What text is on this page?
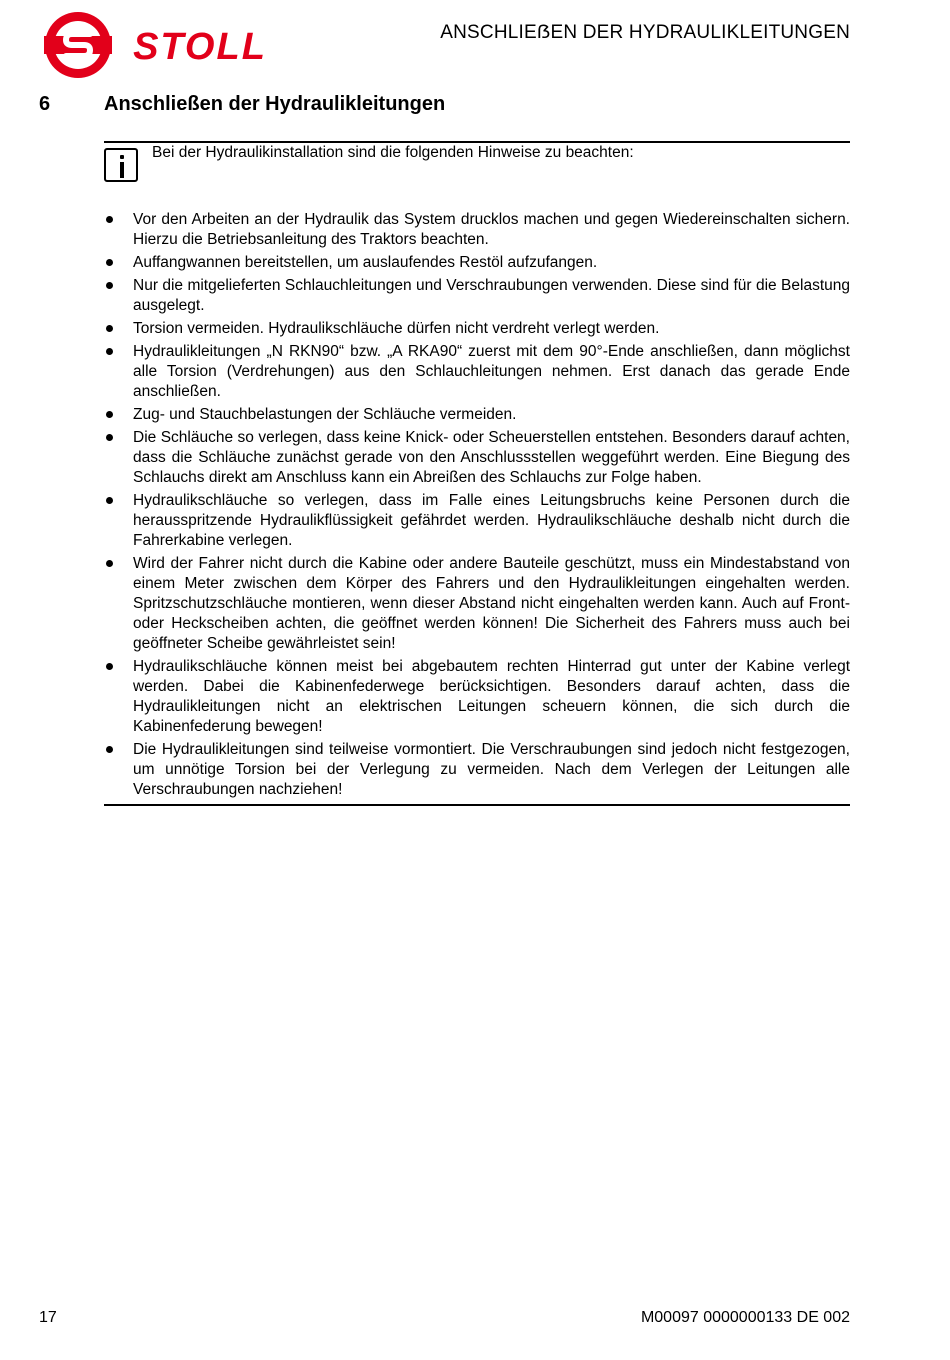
STOLL	ANSCHLIEẞEN DER HYDRAULIKLEITUNGEN
6	Anschließen der Hydraulikleitungen
Bei der Hydraulikinstallation sind die folgenden Hinweise zu beachten:
Vor den Arbeiten an der Hydraulik das System drucklos machen und gegen Wiedereinschalten sichern. Hierzu die Betriebsanleitung des Traktors beachten.
Auffangwannen bereitstellen, um auslaufendes Restöl aufzufangen.
Nur die mitgelieferten Schlauchleitungen und Verschraubungen verwenden. Diese sind für die Belastung ausgelegt.
Torsion vermeiden. Hydraulikschläuche dürfen nicht verdreht verlegt werden.
Hydraulikleitungen „N RKN90“ bzw. „A RKA90“ zuerst mit dem 90°-Ende anschließen, dann möglichst alle Torsion (Verdrehungen) aus den Schlauchleitungen nehmen. Erst danach das gerade Ende anschließen.
Zug- und Stauchbelastungen der Schläuche vermeiden.
Die Schläuche so verlegen, dass keine Knick- oder Scheuerstellen entstehen. Besonders darauf achten, dass die Schläuche zunächst gerade von den Anschlussstellen weggeführt werden. Eine Biegung des Schlauchs direkt am Anschluss kann ein Abreißen des Schlauchs zur Folge haben.
Hydraulikschläuche so verlegen, dass im Falle eines Leitungsbruchs keine Personen durch die herausspritzende Hydraulikflüssigkeit gefährdet werden. Hydraulikschläuche deshalb nicht durch die Fahrerkabine verlegen.
Wird der Fahrer nicht durch die Kabine oder andere Bauteile geschützt, muss ein Mindestabstand von einem Meter zwischen dem Körper des Fahrers und den Hydraulikleitungen eingehalten werden. Spritzschutzschläuche montieren, wenn dieser Abstand nicht eingehalten werden kann. Auch auf Front- oder Heckscheiben achten, die geöffnet werden können! Die Sicherheit des Fahrers muss auch bei geöffneter Scheibe gewährleistet sein!
Hydraulikschläuche können meist bei abgebautem rechten Hinterrad gut unter der Kabine verlegt werden. Dabei die Kabinenfederwege berücksichtigen. Besonders darauf achten, dass die Hydraulikleitungen nicht an elektrischen Leitungen scheuern können, die sich durch die Kabinenfederung bewegen!
Die Hydraulikleitungen sind teilweise vormontiert. Die Verschraubungen sind jedoch nicht festgezogen, um unnötige Torsion bei der Verlegung zu vermeiden. Nach dem Verlegen der Leitungen alle Verschraubungen nachziehen!
17	M00097 0000000133 DE 002
